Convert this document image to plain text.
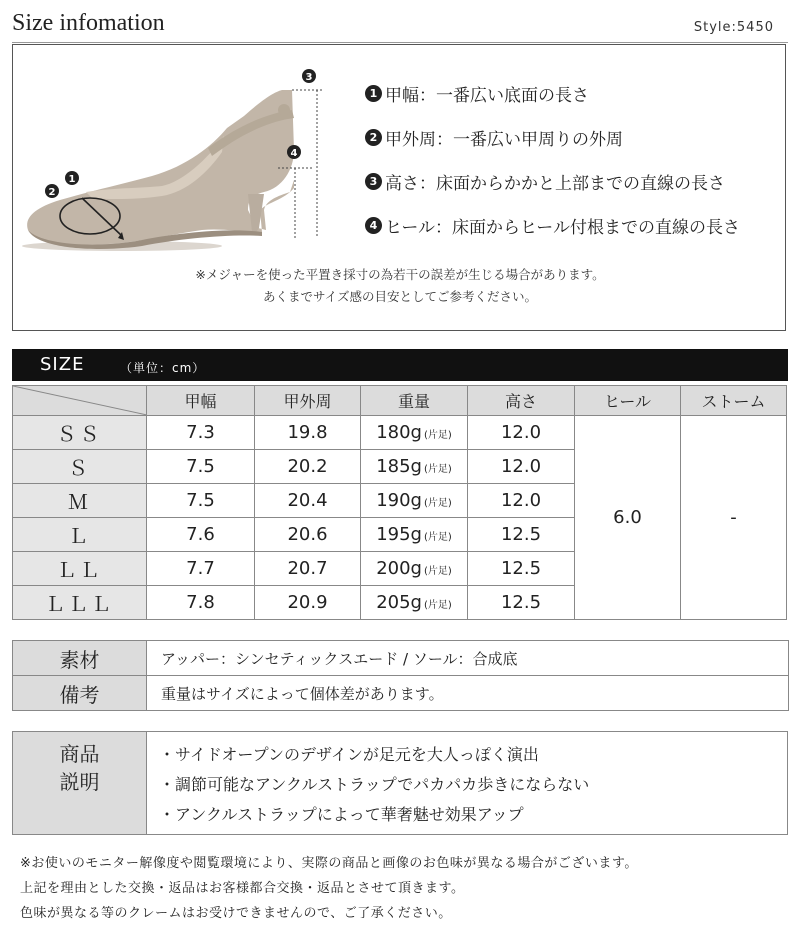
Size infomation	Style:5450
1 甲幅：一番広い底面の長さ
2 甲外周：一番広い甲周りの外周
3 高さ：床面からかかと上部までの直線の長さ
4 ヒール：床面からヒール付根までの直線の長さ
※メジャーを使った平置き採寸の為若干の誤差が生じる場合があります。
あくまでサイズ感の目安としてご参考ください。
1
2
3
4
SIZE	（単位：cm）
	甲幅	甲外周	重量	高さ	ヒール	ストーム
ＳＳ	7.3	19.8	180g (片足)	12.0	6.0	-
Ｓ	7.5	20.2	185g (片足)	12.0		
Ｍ	7.5	20.4	190g (片足)	12.0		
Ｌ	7.6	20.6	195g (片足)	12.5		
ＬＬ	7.7	20.7	200g (片足)	12.5		
ＬＬＬ	7.8	20.9	205g (片足)	12.5		
素材	アッパー：シンセティックスエード / ソール：合成底
備考	重量はサイズによって個体差があります。
商品
説明
・サイドオープンのデザインが足元を大人っぽく演出
・調節可能なアンクルストラップでパカパカ歩きにならない
・アンクルストラップによって華奢魅せ効果アップ
※お使いのモニター解像度や閲覧環境により、実際の商品と画像のお色味が異なる場合がございます。
上記を理由とした交換・返品はお客様都合交換・返品とさせて頂きます。
色味が異なる等のクレームはお受けできませんので、ご了承ください。
